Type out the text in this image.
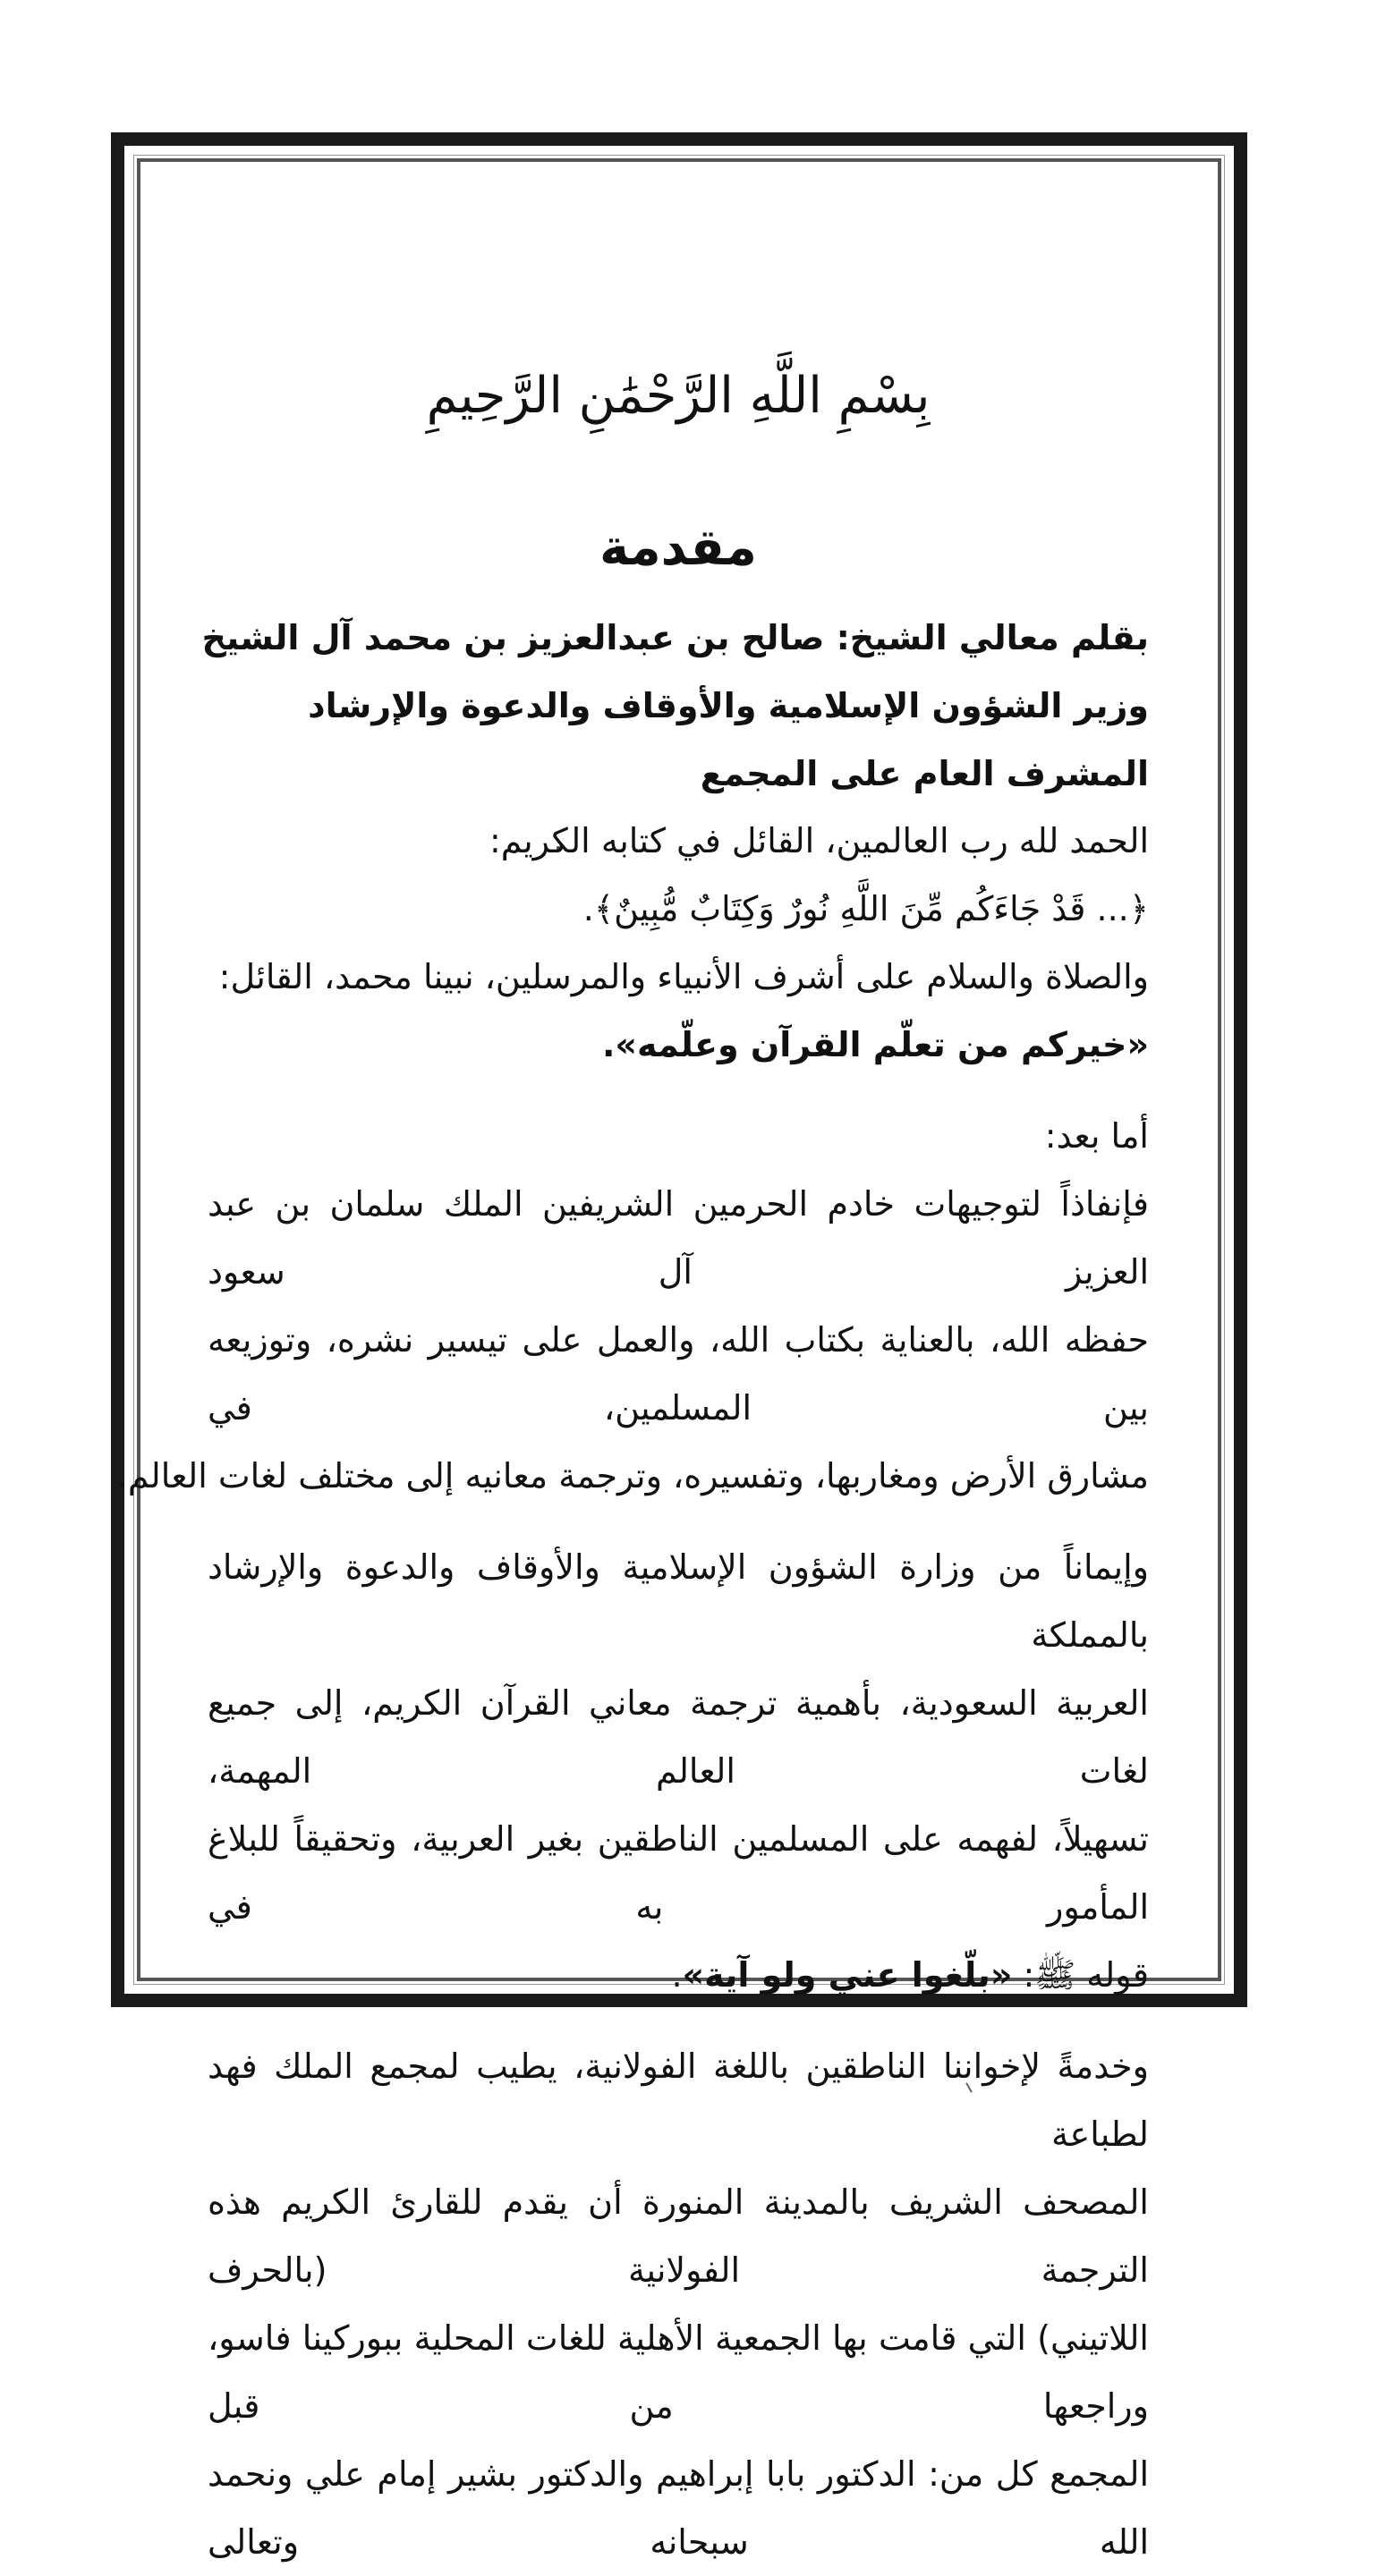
بِسْمِ اللَّهِ الرَّحْمَٰنِ الرَّحِيمِ
مقدمة
بقلم معالي الشيخ: صالح بن عبدالعزيز بن محمد آل الشيخ
وزير الشؤون الإسلامية والأوقاف والدعوة والإرشاد
المشرف العام على المجمع
الحمد لله رب العالمين، القائل في كتابه الكريم:
﴿... قَدْ جَاءَكُم مِّنَ اللَّهِ نُورٌ وَكِتَابٌ مُّبِينٌ﴾.
والصلاة والسلام على أشرف الأنبياء والمرسلين، نبينا محمد، القائل:
«خيركم من تعلّم القرآن وعلّمه».
أما بعد:
فإنفاذاً لتوجيهات خادم الحرمين الشريفين الملك سلمان بن عبد العزيز آل سعود
حفظه الله، بالعناية بكتاب الله، والعمل على تيسير نشره، وتوزيعه بين المسلمين، في
مشارق الأرض ومغاربها، وتفسيره، وترجمة معانيه إلى مختلف لغات العالم.
وإيماناً من وزارة الشؤون الإسلامية والأوقاف والدعوة والإرشاد بالمملكة
العربية السعودية، بأهمية ترجمة معاني القرآن الكريم، إلى جميع لغات العالم المهمة،
تسهيلاً، لفهمه على المسلمين الناطقين بغير العربية، وتحقيقاً للبلاغ المأمور به في
قوله ﷺ: «بلّغوا عني ولو آية».
وخدمةً لإخواننا الناطقين باللغة الفولانية، يطيب لمجمع الملك فهد لطباعة
المصحف الشريف بالمدينة المنورة أن يقدم للقارئ الكريم هذه الترجمة الفولانية (بالحرف
اللاتيني) التي قامت بها الجمعية الأهلية للغات المحلية ببوركينا فاسو، وراجعها من قبل
المجمع كل من: الدكتور بابا إبراهيم والدكتور بشير إمام علي ونحمد الله سبحانه وتعالى
